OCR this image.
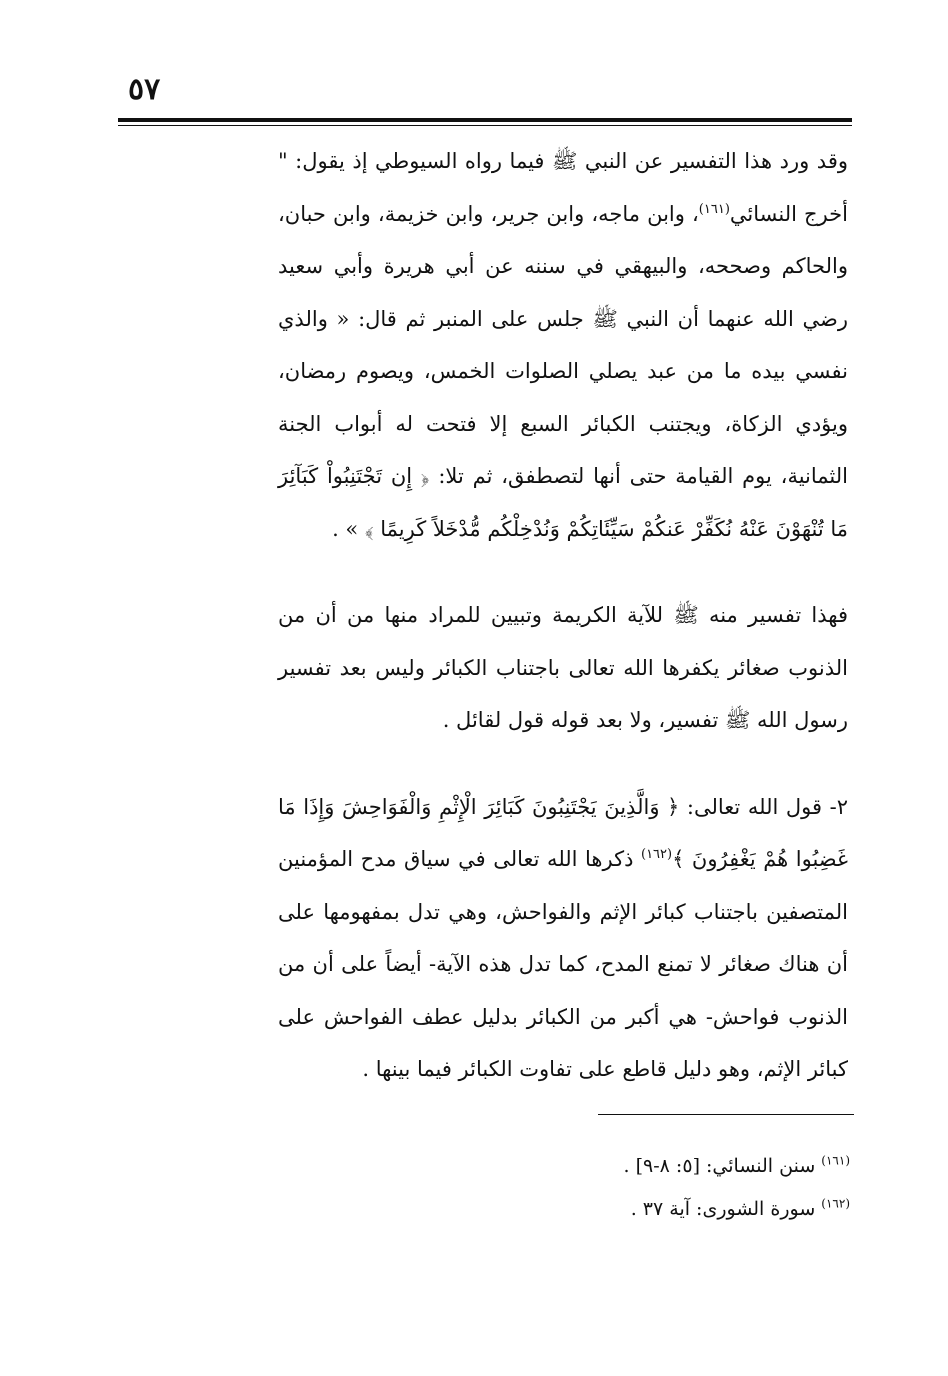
٥٧

وقد ورد هذا التفسير عن النبي ﷺ فيما رواه السيوطي إذ يقول: " أخرج النسائي$^{(١٦١)}$، وابن ماجه، وابن جرير، وابن خزيمة، وابن حبان، والحاكم وصححه، والبيهقي في سننه عن أبي هريرة وأبي سعيد رضي الله عنهما أن النبي ﷺ جلس على المنبر ثم قال: « والذي نفسي بيده ما من عبد يصلي الصلوات الخمس، ويصوم رمضان، ويؤدي الزكاة، ويجتنب الكبائر السبع إلا فتحت له أبواب الجنة الثمانية، يوم القيامة حتى أنها لتصطفق، ثم تلا: ﴿ إِن تَجْتَنِبُواْ كَبَآئِرَ مَا تُنْهَوْنَ عَنْهُ نُكَفِّرْ عَنكُمْ سَيِّئَاتِكُمْ وَنُدْخِلْكُم مُّدْخَلاً كَرِيمًا ﴾ » .

فهذا تفسير منه ﷺ للآية الكريمة وتبيين للمراد منها من أن من الذنوب صغائر يكفرها الله تعالى باجتناب الكبائر وليس بعد تفسير رسول الله ﷺ تفسير، ولا بعد قوله قول لقائل .

٢- قول الله تعالى: ﴿ وَالَّذِينَ يَجْتَنِبُونَ كَبَائِرَ الْإِثْمِ وَالْفَوَاحِشَ وَإِذَا مَا غَضِبُوا هُمْ يَغْفِرُونَ ﴾$^{(١٦٢)}$ ذكرها الله تعالى في سياق مدح المؤمنين المتصفين باجتناب كبائر الإثم والفواحش، وهي تدل بمفهومها على أن هناك صغائر لا تمنع المدح، كما تدل هذه الآية- أيضاً على أن من الذنوب فواحش- هي أكبر من الكبائر بدليل عطف الفواحش على كبائر الإثم، وهو دليل قاطع على تفاوت الكبائر فيما بينها .

$^{(١٦١)}$ سنن النسائي: [٥: ٨-٩] .

$^{(١٦٢)}$ سورة الشورى: آية ٣٧ .
